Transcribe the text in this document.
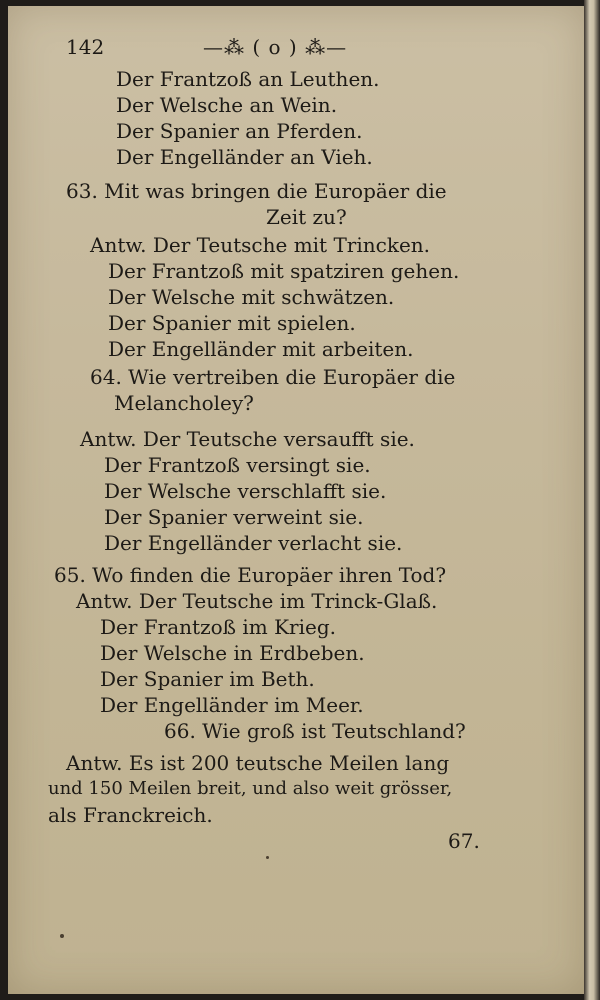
142	—⁂ ( o ) ⁂—
Der Frantzoß an Leuthen.
Der Welsche an Wein.
Der Spanier an Pferden.
Der Engelländer an Vieh.
63. Mit was bringen die Europäer die
Zeit zu?
Antw. Der Teutsche mit Trincken.
Der Frantzoß mit spatziren gehen.
Der Welsche mit schwätzen.
Der Spanier mit spielen.
Der Engelländer mit arbeiten.
64. Wie vertreiben die Europäer die
Melancholey?
Antw. Der Teutsche versaufft sie.
Der Frantzoß versingt sie.
Der Welsche verschlafft sie.
Der Spanier verweint sie.
Der Engelländer verlacht sie.
65. Wo finden die Europäer ihren Tod?
Antw. Der Teutsche im Trinck-Glaß.
Der Frantzoß im Krieg.
Der Welsche in Erdbeben.
Der Spanier im Beth.
Der Engelländer im Meer.
66. Wie groß ist Teutschland?
Antw. Es ist 200 teutsche Meilen lang
und 150 Meilen breit, und also weit grösser,
als Franckreich.
67.
